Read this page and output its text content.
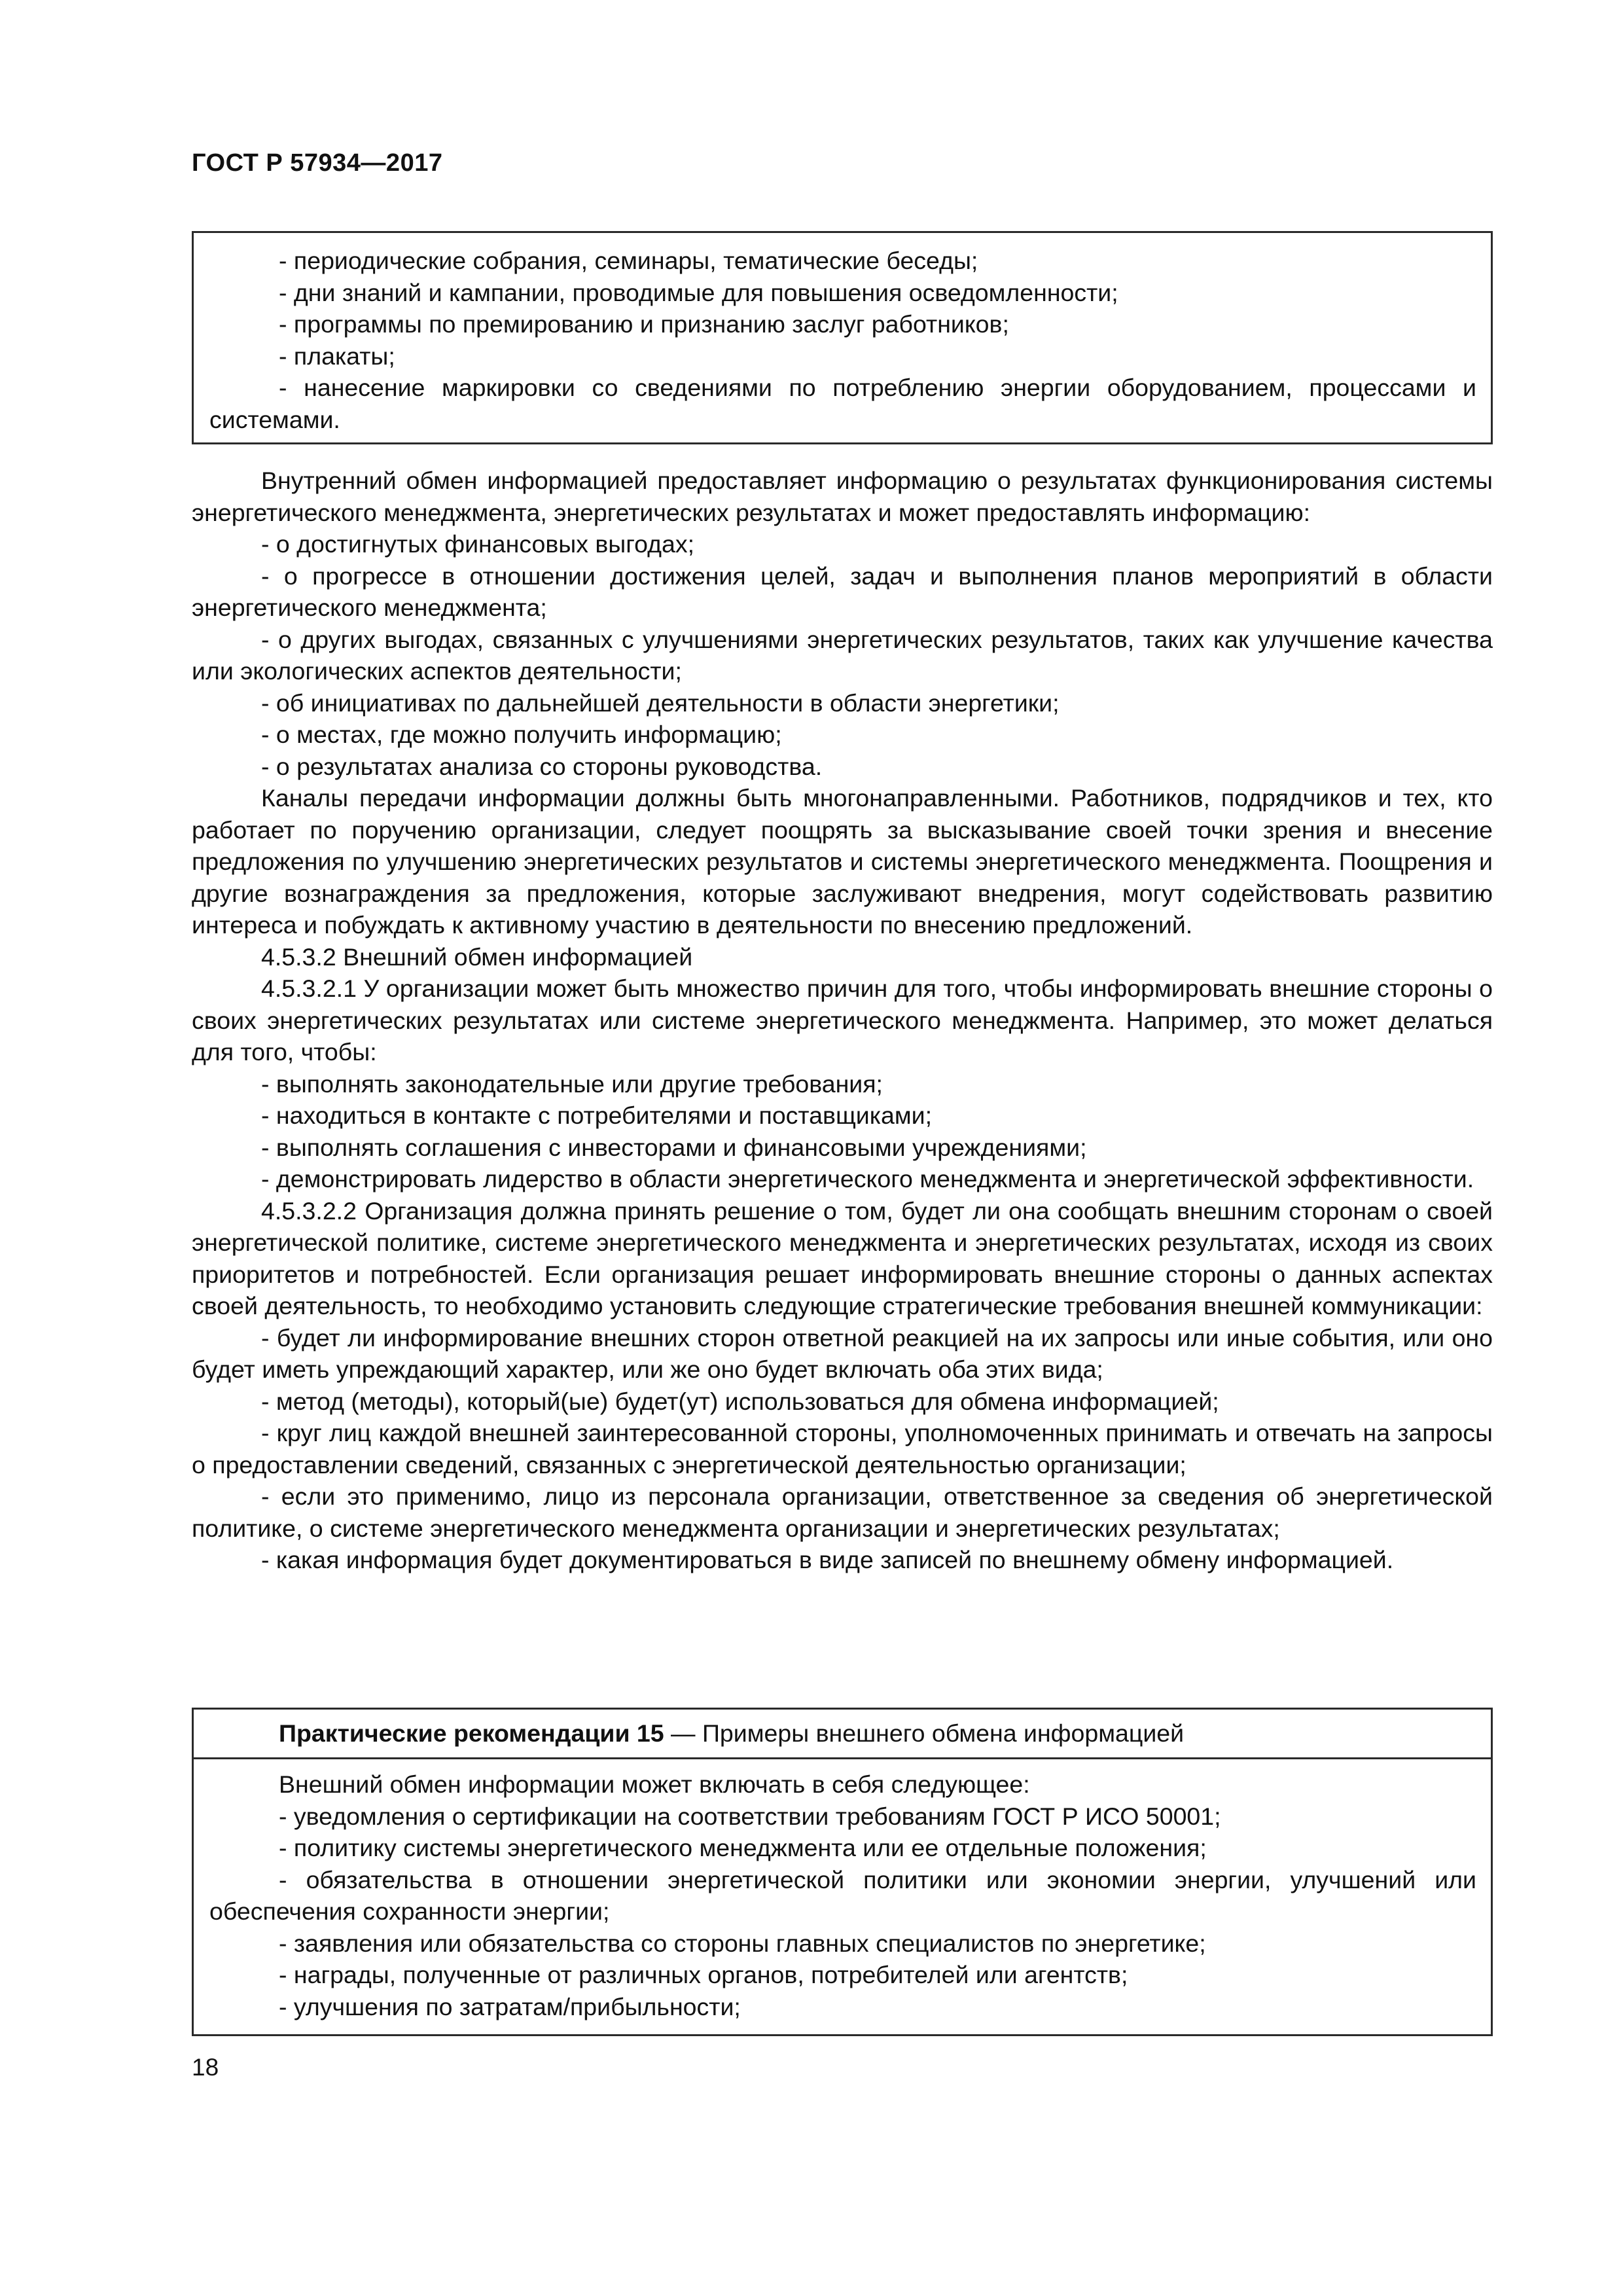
ГОСТ Р 57934—2017

- периодические собрания, семинары, тематические беседы;

- дни знаний и кампании, проводимые для повышения осведомленности;

- программы по премированию и признанию заслуг работников;

- плакаты;

- нанесение маркировки со сведениями по потреблению энергии оборудованием, процессами и системами.

Внутренний обмен информацией предоставляет информацию о результатах функционирования системы энергетического менеджмента, энергетических результатах и может предоставлять информацию:

- о достигнутых финансовых выгодах;

- о прогрессе в отношении достижения целей, задач и выполнения планов мероприятий в области энергетического менеджмента;

- о других выгодах, связанных с улучшениями энергетических результатов, таких как улучшение качества или экологических аспектов деятельности;

- об инициативах по дальнейшей деятельности в области энергетики;

- о местах, где можно получить информацию;

- о результатах анализа со стороны руководства.

Каналы передачи информации должны быть многонаправленными. Работников, подрядчиков и тех, кто работает по поручению организации, следует поощрять за высказывание своей точки зрения и внесение предложения по улучшению энергетических результатов и системы энергетического менеджмента. Поощрения и другие вознаграждения за предложения, которые заслуживают внедрения, могут содействовать развитию интереса и побуждать к активному участию в деятельности по внесению предложений.

4.5.3.2 Внешний обмен информацией

4.5.3.2.1 У организации может быть множество причин для того, чтобы информировать внешние стороны о своих энергетических результатах или системе энергетического менеджмента. Например, это может делаться для того, чтобы:

- выполнять законодательные или другие требования;

- находиться в контакте с потребителями и поставщиками;

- выполнять соглашения с инвесторами и финансовыми учреждениями;

- демонстрировать лидерство в области энергетического менеджмента и энергетической эффективности.

4.5.3.2.2 Организация должна принять решение о том, будет ли она сообщать внешним сторонам о своей энергетической политике, системе энергетического менеджмента и энергетических результатах, исходя из своих приоритетов и потребностей. Если организация решает информировать внешние стороны о данных аспектах своей деятельность, то необходимо установить следующие стратегические требования внешней коммуникации:

- будет ли информирование внешних сторон ответной реакцией на их запросы или иные события, или оно будет иметь упреждающий характер, или же оно будет включать оба этих вида;

- метод (методы), который(ые) будет(ут) использоваться для обмена информацией;

- круг лиц каждой внешней заинтересованной стороны, уполномоченных принимать и отвечать на запросы о предоставлении сведений, связанных с энергетической деятельностью организации;

- если это применимо, лицо из персонала организации, ответственное за сведения об энергетической политике, о системе энергетического менеджмента организации и энергетических результатах;

- какая информация будет документироваться в виде записей по внешнему обмену информацией.

Практические рекомендации 15 — Примеры внешнего обмена информацией

Внешний обмен информации может включать в себя следующее:

- уведомления о сертификации на соответствии требованиям ГОСТ Р ИСО 50001;

- политику системы энергетического менеджмента или ее отдельные положения;

- обязательства в отношении энергетической политики или экономии энергии, улучшений или обеспечения сохранности энергии;

- заявления или обязательства со стороны главных специалистов по энергетике;

- награды, полученные от различных органов, потребителей или агентств;

- улучшения по затратам/прибыльности;

18
